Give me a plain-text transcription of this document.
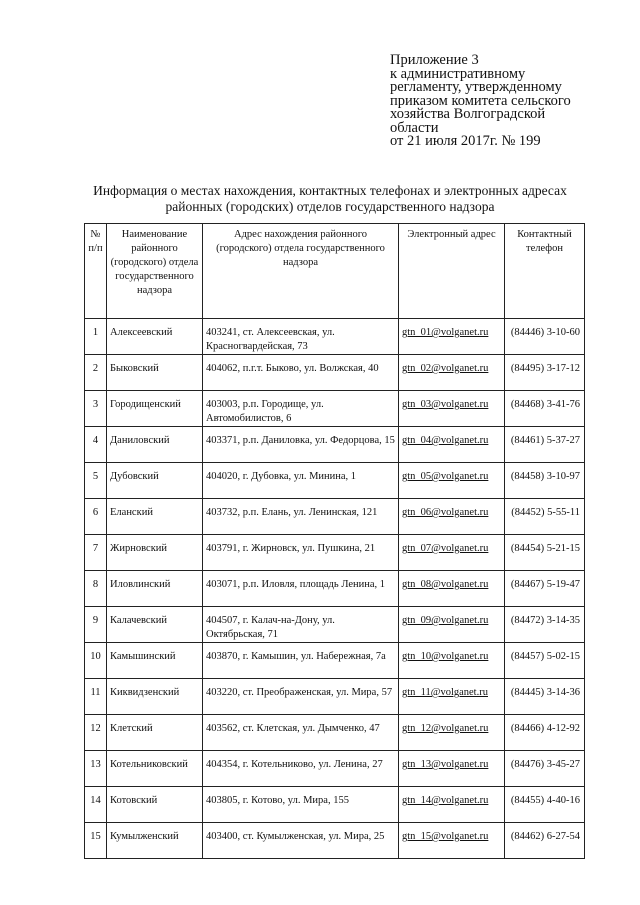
Приложение 3
к административному
регламенту, утвержденному
приказом комитета сельского
хозяйства Волгоградской
области
от 21 июля 2017г. № 199
Информация о местах нахождения, контактных телефонах и электронных адресах
районных (городских) отделов государственного надзора
№ п/п	Наименование районного (городского) отдела государственного надзора	Адрес нахождения районного (городского) отдела государственного надзора	Электронный адрес	Контактный телефон
1	Алексеевский	403241, ст. Алексеевская, ул. Красногвардейская, 73	gtn_01@volganet.ru	(84446) 3-10-60
2	Быковский	404062, п.г.т. Быково, ул. Волжская, 40	gtn_02@volganet.ru	(84495) 3-17-12
3	Городищенский	403003, р.п. Городище, ул. Автомобилистов, 6	gtn_03@volganet.ru	(84468) 3-41-76
4	Даниловский	403371, р.п. Даниловка, ул. Федорцова, 15	gtn_04@volganet.ru	(84461) 5-37-27
5	Дубовский	404020, г. Дубовка, ул. Минина, 1	gtn_05@volganet.ru	(84458) 3-10-97
6	Еланский	403732, р.п. Елань, ул. Ленинская, 121	gtn_06@volganet.ru	(84452) 5-55-11
7	Жирновский	403791, г. Жирновск, ул. Пушкина, 21	gtn_07@volganet.ru	(84454) 5-21-15
8	Иловлинский	403071, р.п. Иловля, площадь Ленина, 1	gtn_08@volganet.ru	(84467) 5-19-47
9	Калачевский	404507, г. Калач-на-Дону, ул. Октябрьская, 71	gtn_09@volganet.ru	(84472) 3-14-35
10	Камышинский	403870, г. Камышин, ул. Набережная, 7а	gtn_10@volganet.ru	(84457) 5-02-15
11	Киквидзенский	403220, ст. Преображенская, ул. Мира, 57	gtn_11@volganet.ru	(84445) 3-14-36
12	Клетский	403562, ст. Клетская, ул. Дымченко, 47	gtn_12@volganet.ru	(84466) 4-12-92
13	Котельниковский	404354, г. Котельниково, ул. Ленина, 27	gtn_13@volganet.ru	(84476) 3-45-27
14	Котовский	403805, г. Котово, ул. Мира, 155	gtn_14@volganet.ru	(84455) 4-40-16
15	Кумылженский	403400, ст. Кумылженская, ул. Мира, 25	gtn_15@volganet.ru	(84462) 6-27-54
